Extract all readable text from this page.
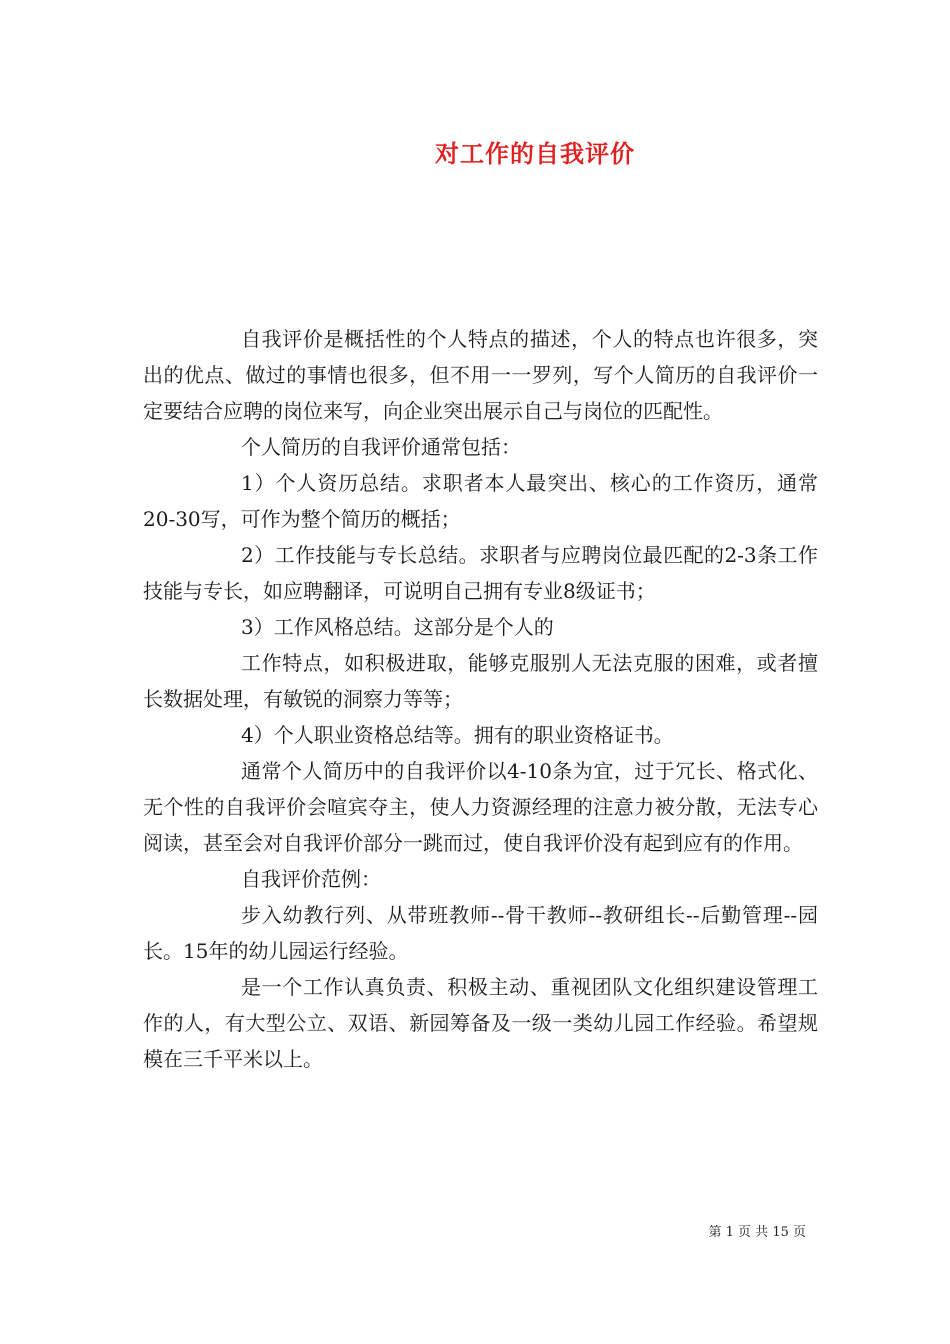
对工作的自我评价

自我评价是概括性的个人特点的描述，个人的特点也许很多，突出的优点、做过的事情也很多，但不用一一罗列，写个人简历的自我评价一定要结合应聘的岗位来写，向企业突出展示自己与岗位的匹配性。

个人简历的自我评价通常包括：

1）个人资历总结。求职者本人最突出、核心的工作资历，通常20-30写，可作为整个简历的概括；

2）工作技能与专长总结。求职者与应聘岗位最匹配的2-3条工作技能与专长，如应聘翻译，可说明自己拥有专业8级证书；

3）工作风格总结。这部分是个人的

工作特点，如积极进取，能够克服别人无法克服的困难，或者擅长数据处理，有敏锐的洞察力等等；

4）个人职业资格总结等。拥有的职业资格证书。

通常个人简历中的自我评价以4-10条为宜，过于冗长、格式化、无个性的自我评价会喧宾夺主，使人力资源经理的注意力被分散，无法专心阅读，甚至会对自我评价部分一跳而过，使自我评价没有起到应有的作用。

自我评价范例：

步入幼教行列、从带班教师--骨干教师--教研组长--后勤管理--园长。15年的幼儿园运行经验。

是一个工作认真负责、积极主动、重视团队文化组织建设管理工作的人，有大型公立、双语、新园筹备及一级一类幼儿园工作经验。希望规模在三千平米以上。

第 1 页 共 15 页
